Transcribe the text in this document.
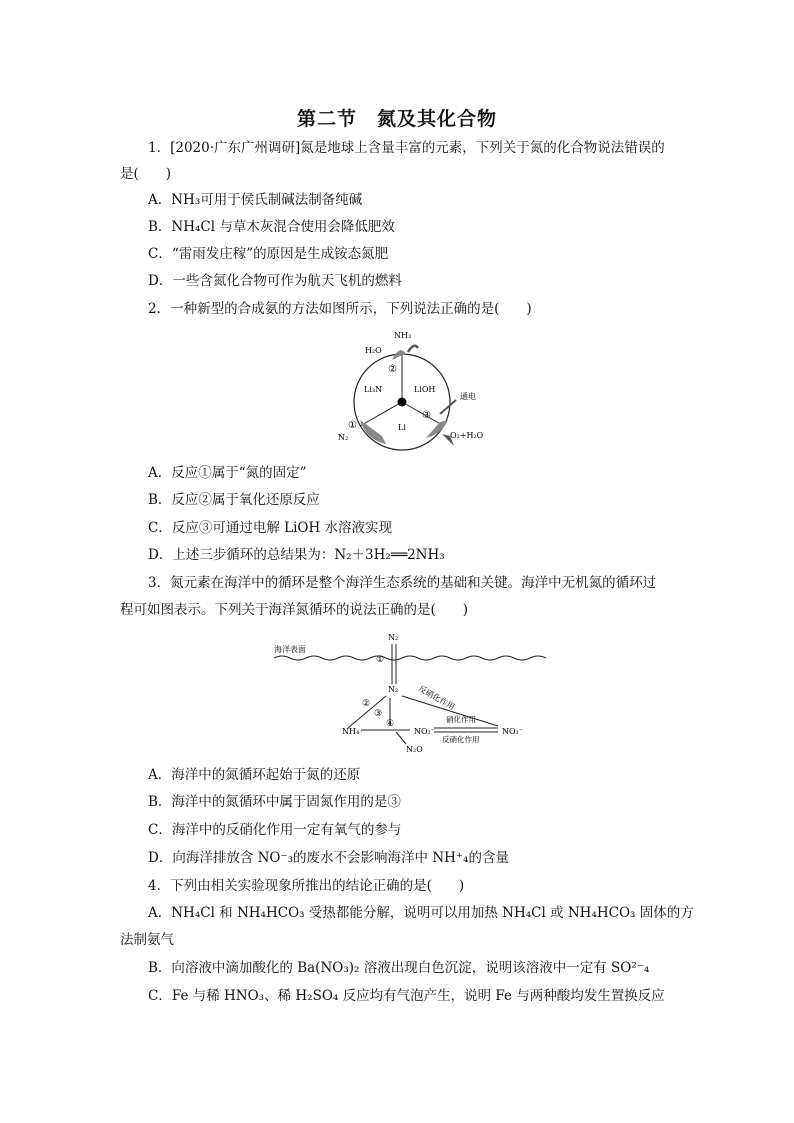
第二节　氮及其化合物
1．[2020·广东广州调研]氮是地球上含量丰富的元素，下列关于氮的化合物说法错误的
是(　　)
A．NH₃可用于侯氏制碱法制备纯碱
B．NH₄Cl 与草木灰混合使用会降低肥效
C．“雷雨发庄稼”的原因是生成铵态氮肥
D．一些含氮化合物可作为航天飞机的燃料
2．一种新型的合成氨的方法如图所示，下列说法正确的是(　　)
NH₃
H₂O
②
Li₃N	LiOH
通电
①
③
N₂
Li
O₂+H₂O
A．反应①属于“氮的固定”
B．反应②属于氧化还原反应
C．反应③可通过电解 LiOH 水溶液实现
D．上述三步循环的总结果为：N₂＋3H₂══2NH₃
3．氮元素在海洋中的循环是整个海洋生态系统的基础和关键。海洋中无机氮的循环过
程可如图表示。下列关于海洋氮循环的说法正确的是(　　)
海洋表面
N₂
①
N₂
②
③
反硝化作用
NH₄⁺
④
N₂O
NO₂⁻
硝化作用
反硝化作用
NO₃⁻
A．海洋中的氮循环起始于氮的还原
B．海洋中的氮循环中属于固氮作用的是③
C．海洋中的反硝化作用一定有氧气的参与
D．向海洋排放含 NO⁻₃的废水不会影响海洋中 NH⁺₄的含量
4．下列由相关实验现象所推出的结论正确的是(　　)
A．NH₄Cl 和 NH₄HCO₃ 受热都能分解，说明可以用加热 NH₄Cl 或 NH₄HCO₃ 固体的方
法制氨气
B．向溶液中滴加酸化的 Ba(NO₃)₂ 溶液出现白色沉淀，说明该溶液中一定有 SO²⁻₄
C．Fe 与稀 HNO₃、稀 H₂SO₄ 反应均有气泡产生，说明 Fe 与两种酸均发生置换反应
